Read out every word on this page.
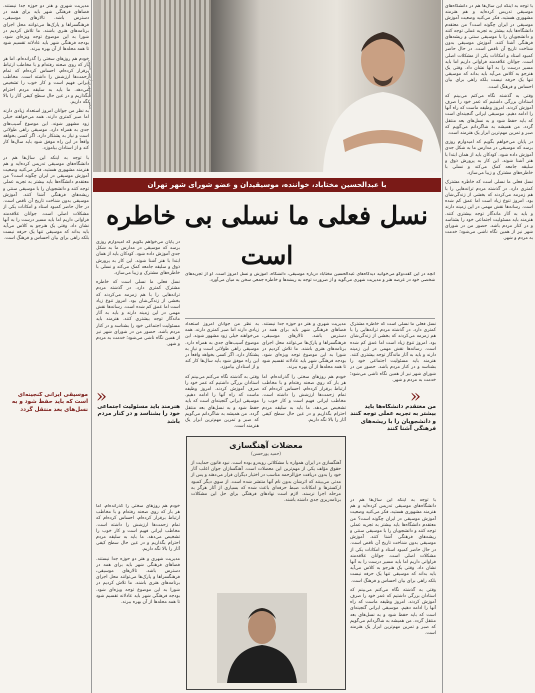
با عبدالحسین مختاباد، خواننده، موسیقیدان و عضو شورای شهر تهران
نسل فعلی ما نسلی بی خاطره است

با توجه به اینکه این سال‌ها هم در دانشگاه‌های موسیقی تدریس کرده‌اید و هم هنرمند مشهوری هستید، فکر می‌کنید وضعیت آموزش موسیقی در ایران چگونه است؟ من معتقدم دانشگاه‌ها باید بیشتر به تجربه عملی توجه کنند و دانشجویان را با موسیقی سنتی و ریشه‌های فرهنگی آشنا کنند. آموزش موسیقی بدون شناخت تاریخ آن ناقص است. در حال حاضر کمبود استاد و امکانات یکی از مشکلات اصلی است. جوانان علاقه‌مند فراوانی داریم اما باید مسیر درست را به آنها نشان داد. وقتی یک هنرجو به کلاس می‌آید باید بداند که موسیقی تنها یک حرفه نیست بلکه راهی برای بیان احساس و فرهنگ است.

وقتی به گذشته نگاه می‌کنم می‌بینم که استادان بزرگی داشتیم که عمر خود را صرف آموزش کردند. امروز وظیفه ماست که راه آنها را ادامه دهیم. موسیقی ایرانی گنجینه‌ای است که باید حفظ شود و به نسل‌های بعد منتقل گردد. من همیشه به شاگردانم می‌گویم که صبر و تمرین مهم‌ترین ابزار یک هنرمند است.

در پایان می‌خواهم بگویم که امیدوارم روزی برسد که موسیقی در مدارس ما به شکل جدی آموزش داده شود. کودکان باید از همان ابتدا با هنر آشنا شوند. این کار به پرورش ذوق و سلیقه جامعه کمک می‌کند و نسلی با خاطره‌های مشترک و زیبا می‌سازد.

نسل فعلی ما نسلی است که خاطره مشترک کمتری دارد. در گذشته مردم ترانه‌هایی را با هم زمزمه می‌کردند که بخشی از زندگی‌شان بود. امروز تنوع زیاد است اما عمق کم شده است. رسانه‌ها نقش مهمی در این زمینه دارند و باید به آثار ماندگار توجه بیشتری کنند. هنرمند باید مسئولیت اجتماعی خود را بشناسد و در کنار مردم باشد. حضور من در شورای شهر نیز از همین نگاه ناشی می‌شود؛ خدمت به مردم و شهر.

مدیریت شهری و هنر دو حوزه جدا نیستند. فضاهای فرهنگی شهر باید برای همه در دسترس باشد. تالارهای موسیقی، فرهنگسراها و پارک‌ها می‌توانند محل اجرای برنامه‌های هنری باشند. ما تلاش کردیم در شورا به این موضوع توجه ویژه‌ای شود. بودجه فرهنگی شهر باید عادلانه تقسیم شود تا همه محله‌ها از آن بهره ببرند.

خودم هم روزهای سختی را گذرانده‌ام. اما هر بار که روی صحنه رفته‌ام و با مخاطب ارتباط برقرار کرده‌ام، احساس کرده‌ام که تمام زحمت‌ها ارزشش را داشته است. مخاطب ایرانی فهیم است و کار خوب را تشخیص می‌دهد. ما باید به سلیقه مردم احترام بگذاریم و در عین حال سطح کیفی آثار را بالا نگه داریم.

به نظر من جوانان امروز استعداد زیادی دارند اما صبر کمتری دارند. همه می‌خواهند خیلی زود مشهور شوند. این موضوع آسیب‌های جدی به همراه دارد. موسیقی راهی طولانی است و نیاز به پشتکار دارد. اگر کسی بخواهد واقعاً در این راه موفق شود باید سال‌ها کار کند و از استادان بیاموزد.

با توجه به اینکه این سال‌ها هم در دانشگاه‌های موسیقی تدریس کرده‌اید و هم هنرمند مشهوری هستید، فکر می‌کنید وضعیت آموزش موسیقی در ایران چگونه است؟ من معتقدم دانشگاه‌ها باید بیشتر به تجربه عملی توجه کنند و دانشجویان را با موسیقی سنتی و ریشه‌های فرهنگی آشنا کنند. آموزش موسیقی بدون شناخت تاریخ آن ناقص است. در حال حاضر کمبود استاد و امکانات یکی از مشکلات اصلی است. جوانان علاقه‌مند فراوانی داریم اما باید مسیر درست را به آنها نشان داد. وقتی یک هنرجو به کلاس می‌آید باید بداند که موسیقی تنها یک حرفه نیست بلکه راهی برای بیان احساس و فرهنگ است.

آنچه در این گفت‌وگو می‌خوانید دیدگاه‌های عبدالحسین مختاباد درباره موسیقی، دانشگاه، آموزش و نسل امروز است. او از تجربه‌های شخصی خود در عرصه هنر و مدیریت شهری می‌گوید و از ضرورت توجه به ریشه‌ها و خاطره جمعی سخن به میان می‌آورد.

نسل فعلی ما نسلی است که خاطره مشترک کمتری دارد. در گذشته مردم ترانه‌هایی را با هم زمزمه می‌کردند که بخشی از زندگی‌شان بود. امروز تنوع زیاد است اما عمق کم شده است. رسانه‌ها نقش مهمی در این زمینه دارند و باید به آثار ماندگار توجه بیشتری کنند. هنرمند باید مسئولیت اجتماعی خود را بشناسد و در کنار مردم باشد. حضور من در شورای شهر نیز از همین نگاه ناشی می‌شود؛ خدمت به مردم و شهر.

مدیریت شهری و هنر دو حوزه جدا نیستند. فضاهای فرهنگی شهر باید برای همه در دسترس باشد. تالارهای موسیقی، فرهنگسراها و پارک‌ها می‌توانند محل اجرای برنامه‌های هنری باشند. ما تلاش کردیم در شورا به این موضوع توجه ویژه‌ای شود. بودجه فرهنگی شهر باید عادلانه تقسیم شود تا همه محله‌ها از آن بهره ببرند.

خودم هم روزهای سختی را گذرانده‌ام. اما هر بار که روی صحنه رفته‌ام و با مخاطب ارتباط برقرار کرده‌ام، احساس کرده‌ام که تمام زحمت‌ها ارزشش را داشته است. مخاطب ایرانی فهیم است و کار خوب را تشخیص می‌دهد. ما باید به سلیقه مردم احترام بگذاریم و در عین حال سطح کیفی آثار را بالا نگه داریم.

به نظر من جوانان امروز استعداد زیادی دارند اما صبر کمتری دارند. همه می‌خواهند خیلی زود مشهور شوند. این موضوع آسیب‌های جدی به همراه دارد. موسیقی راهی طولانی است و نیاز به پشتکار دارد. اگر کسی بخواهد واقعاً در این راه موفق شود باید سال‌ها کار کند و از استادان بیاموزد.

وقتی به گذشته نگاه می‌کنم می‌بینم که استادان بزرگی داشتیم که عمر خود را صرف آموزش کردند. امروز وظیفه ماست که راه آنها را ادامه دهیم. موسیقی ایرانی گنجینه‌ای است که باید حفظ شود و به نسل‌های بعد منتقل گردد. من همیشه به شاگردانم می‌گویم که صبر و تمرین مهم‌ترین ابزار یک هنرمند است.

در پایان می‌خواهم بگویم که امیدوارم روزی برسد که موسیقی در مدارس ما به شکل جدی آموزش داده شود. کودکان باید از همان ابتدا با هنر آشنا شوند. این کار به پرورش ذوق و سلیقه جامعه کمک می‌کند و نسلی با خاطره‌های مشترک و زیبا می‌سازد.

نسل فعلی ما نسلی است که خاطره مشترک کمتری دارد. در گذشته مردم ترانه‌هایی را با هم زمزمه می‌کردند که بخشی از زندگی‌شان بود. امروز تنوع زیاد است اما عمق کم شده است. رسانه‌ها نقش مهمی در این زمینه دارند و باید به آثار ماندگار توجه بیشتری کنند. هنرمند باید مسئولیت اجتماعی خود را بشناسد و در کنار مردم باشد. حضور من در شورای شهر نیز از همین نگاه ناشی می‌شود؛ خدمت به مردم و شهر.

«
من معتقدم دانشگاه‌ها باید بیشتر به تجربه عملی توجه کنند و دانشجویان را با ریشه‌های فرهنگی آشنا کنند

با توجه به اینکه این سال‌ها هم در دانشگاه‌های موسیقی تدریس کرده‌اید و هم هنرمند مشهوری هستید، فکر می‌کنید وضعیت آموزش موسیقی در ایران چگونه است؟ من معتقدم دانشگاه‌ها باید بیشتر به تجربه عملی توجه کنند و دانشجویان را با موسیقی سنتی و ریشه‌های فرهنگی آشنا کنند. آموزش موسیقی بدون شناخت تاریخ آن ناقص است. در حال حاضر کمبود استاد و امکانات یکی از مشکلات اصلی است. جوانان علاقه‌مند فراوانی داریم اما باید مسیر درست را به آنها نشان داد. وقتی یک هنرجو به کلاس می‌آید باید بداند که موسیقی تنها یک حرفه نیست بلکه راهی برای بیان احساس و فرهنگ است.

وقتی به گذشته نگاه می‌کنم می‌بینم که استادان بزرگی داشتیم که عمر خود را صرف آموزش کردند. امروز وظیفه ماست که راه آنها را ادامه دهیم. موسیقی ایرانی گنجینه‌ای است که باید حفظ شود و به نسل‌های بعد منتقل گردد. من همیشه به شاگردانم می‌گویم که صبر و تمرین مهم‌ترین ابزار یک هنرمند است.

«
هنرمند باید مسئولیت اجتماعی خود را بشناسد و در کنار مردم باشد

خودم هم روزهای سختی را گذرانده‌ام. اما هر بار که روی صحنه رفته‌ام و با مخاطب ارتباط برقرار کرده‌ام، احساس کرده‌ام که تمام زحمت‌ها ارزشش را داشته است. مخاطب ایرانی فهیم است و کار خوب را تشخیص می‌دهد. ما باید به سلیقه مردم احترام بگذاریم و در عین حال سطح کیفی آثار را بالا نگه داریم.

مدیریت شهری و هنر دو حوزه جدا نیستند. فضاهای فرهنگی شهر باید برای همه در دسترس باشد. تالارهای موسیقی، فرهنگسراها و پارک‌ها می‌توانند محل اجرای برنامه‌های هنری باشند. ما تلاش کردیم در شورا به این موضوع توجه ویژه‌ای شود. بودجه فرهنگی شهر باید عادلانه تقسیم شود تا همه محله‌ها از آن بهره ببرند.

موسیقی ایرانی گنجینه‌ای است که باید حفظ شود و به نسل‌های بعد منتقل گردد
معضلات آهنگسازی
(حمید پورحسن)
آهنگسازی در ایران همواره با مشکلاتی روبه‌رو بوده است. نبود قانون حمایت از حقوق مؤلف یکی از مهم‌ترین این معضلات است. آهنگسازان جوان اغلب آثار خود را بدون دریافت حق‌الزحمه مناسب در اختیار دیگران قرار می‌دهند و پس از مدتی می‌بینند که اثرشان بدون نام آنها منتشر شده است. از سوی دیگر کمبود ارکسترها و امکانات ضبط حرفه‌ای باعث شده که بسیاری از آثار هرگز به مرحله اجرا نرسند. لازم است نهادهای فرهنگی برای حل این مشکلات برنامه‌ریزی جدی داشته باشند.
